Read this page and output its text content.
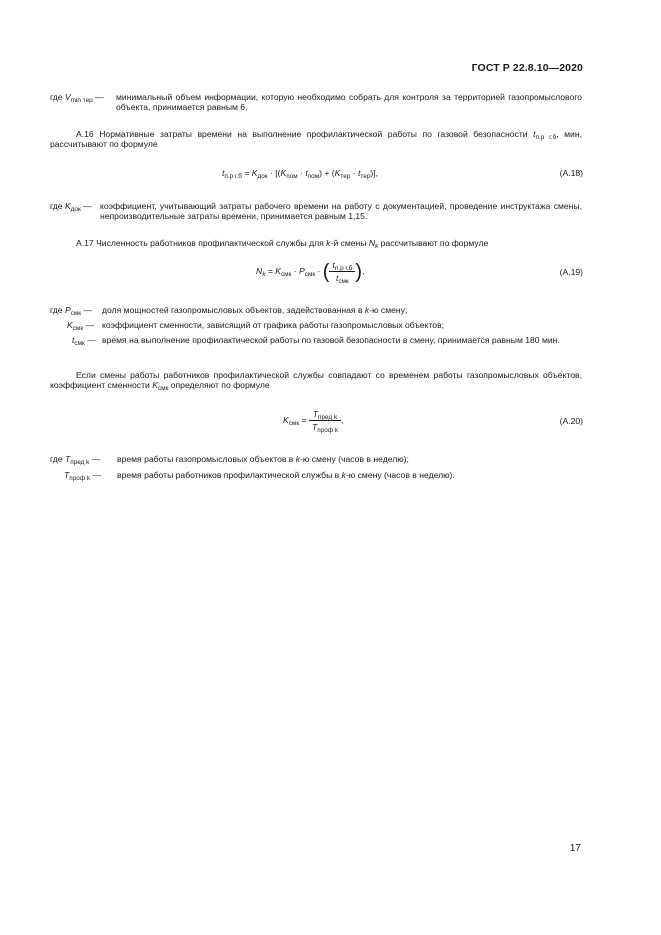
ГОСТ Р 22.8.10—2020
где $V_{min тер}$ — минимальный объем информации, которую необходимо собрать для контроля за территорией газопромыслового объекта, принимается равным 6.
А.16 Нормативные затраты времени на выполнение профилактической работы по газовой безопасности $t_{п.р г.б}$, мин, рассчитывают по формуле
$t_{п.р г.б} = K_{док} \cdot [(K_{пом} \cdot t_{пом}) + (K_{тер} \cdot t_{тер})]$,	(А.18)
где $K_{док}$ — коэффициент, учитывающий затраты рабочего времени на работу с документацией, проведение инструктажа смены, непроизводительные затраты времени, принимается равным 1,15.
А.17 Численность работников профилактической службы для k-й смены $N_k$ рассчитывают по формуле
$N_k = K_{смк} \cdot P_{смк}$ · ( $\frac{t_{п.р г.б}}{t_{смк}}$ ),	(А.19)
где $P_{смк}$ — доля мощностей газопромысловых объектов, задействованная в k-ю смену;
$K_{смк}$ — коэффициент сменности, зависящий от графика работы газопромысловых объектов;
$t_{смк}$ — время на выполнение профилактической работы по газовой безопасности в смену, принимается равным 180 мин.
Если смены работы работников профилактической службы совпадают со временем работы газопромысловых объектов, коэффициент сменности $K_{смк}$ определяют по формуле
$K_{смк} = \frac{T_{пред k}}{T_{проф k}}$ ,	(А.20)
где $T_{пред k}$ — время работы газопромысловых объектов в k-ю смену (часов в неделю);
$T_{проф k}$ — время работы работников профилактической службы в k-ю смену (часов в неделю).
17
